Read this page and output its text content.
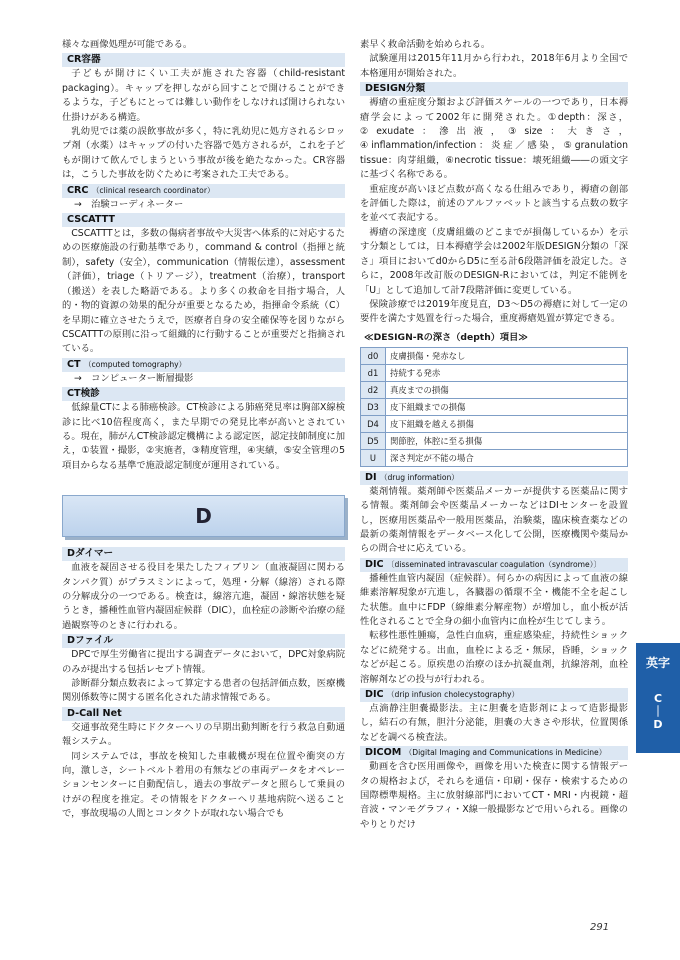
様々な画像処理が可能である。

CR容器

子どもが開けにくい工夫が施された容器（child-resistant packaging）。キャップを押しながら回すことで開けることができるような，子どもにとっては難しい動作をしなければ開けられない仕掛けがある構造。

乳幼児では薬の誤飲事故が多く，特に乳幼児に処方されるシロップ剤（水薬）はキャップの付いた容器で処方されるが，これを子どもが開けて飲んでしまうという事故が後を絶たなかった。CR容器は，こうした事故を防ぐために考案された工夫である。

CRC （clinical research coordinator）
→　治験コーディネーター
CSCATTT

CSCATTTとは，多数の傷病者事故や大災害へ体系的に対応するための医療施設の行動基準であり，command & control（指揮と統制），safety（安全），communication（情報伝達），assessment（評価），triage（トリアージ），treatment（治療），transport（搬送）を表した略語である。より多くの救命を目指す場合，人的・物的資源の効果的配分が重要となるため，指揮命令系統（C）を早期に確立させたうえで，医療者自身の安全確保等を図りながらCSCATTTの原則に沿って組織的に行動することが重要だと指摘されている。

CT （computed tomography）
→　コンピューター断層撮影
CT検診

低線量CTによる肺癌検診。CT検診による肺癌発見率は胸部X線検診に比べ10倍程度高く，また早期での発見比率が高いとされている。現在，肺がんCT検診認定機構による認定医，認定技師制度に加え，①装置・撮影，②実施者，③精度管理，④実績，⑤安全管理の5項目からなる基準で施設認定制度が運用されている。

D
Dダイマー

血液を凝固させる役目を果たしたフィブリン（血液凝固に関わるタンパク質）がプラスミンによって，処理・分解（線溶）される際の分解成分の一つである。検査は，線溶亢進，凝固・線溶状態を疑うとき，播種性血管内凝固症候群（DIC），血栓症の診断や治療の経過観察等のときに行われる。

Dファイル

DPCで厚生労働省に提出する調査データにおいて，DPC対象病院のみが提出する包括レセプト情報。

診断群分類点数表によって算定する患者の包括評価点数，医療機関別係数等に関する匿名化された請求情報である。

D-Call Net

交通事故発生時にドクターヘリの早期出動判断を行う救急自動通報システム。

同システムでは，事故を検知した車載機が現在位置や衝突の方向，激しさ，シートベルト着用の有無などの車両データをオペレーションセンターに自動配信し，過去の事故データと照らして乗員のけがの程度を推定。その情報をドクターヘリ基地病院へ送ることで，事故現場の人間とコンタクトが取れない場合でも

素早く救命活動を始められる。

試験運用は2015年11月から行われ，2018年6月より全国で本格運用が開始された。

DESIGN分類

褥瘡の重症度分類および評価スケールの一つであり，日本褥瘡学会によって2002年に開発された。①depth：深さ，②exudate：滲出液，③size：大きさ，④inflammation/infection：炎症／感染，⑤granulation tissue：肉芽組織，⑥necrotic tissue：壊死組織――の頭文字に基づく名称である。

重症度が高いほど点数が高くなる仕組みであり，褥瘡の創部を評価した際は，前述のアルファベットと該当する点数の数字を並べて表記する。

褥瘡の深達度（皮膚組織のどこまでが損傷しているか）を示す分類としては，日本褥瘡学会は2002年版DESIGN分類の「深さ」項目においてd0からD5に至る計6段階評価を設定した。さらに，2008年改訂版のDESIGN-Rにおいては，判定不能例を「U」として追加して計7段階評価に変更している。

保険診療では2019年度見直，D3〜D5の褥瘡に対して一定の要件を満たす処置を行った場合，重度褥瘡処置が算定できる。

≪DESIGN-Rの深さ（depth）項目≫
d0	皮膚損傷・発赤なし
d1	持続する発赤
d2	真皮までの損傷
D3	皮下組織までの損傷
D4	皮下組織を越える損傷
D5	関節腔，体腔に至る損傷
U	深さ判定が不能の場合
DI （drug information）

薬剤情報。薬剤師や医薬品メーカーが提供する医薬品に関する情報。薬剤師会や医薬品メーカーなどはDIセンターを設置し，医療用医薬品や一般用医薬品，治験薬，臨床検査薬などの最新の薬剤情報をデータベース化して公開，医療機関や薬局からの問合せに応えている。

DIC 〔disseminated intravascular coagulation（syndrome）〕

播種性血管内凝固（症候群）。何らかの病因によって血液の線維素溶解現象が亢進し，各臓器の循環不全・機能不全を起こした状態。血中にFDP（線維素分解産物）が増加し，血小板が活性化されることで全身の細小血管内に血栓が生じてしまう。

転移性悪性腫瘍，急性白血病，重症感染症，持続性ショックなどに続発する。出血，血栓による乏・無尿，昏睡，ショックなどが起こる。原疾患の治療のほか抗凝血剤，抗線溶剤，血栓溶解剤などの投与が行われる。

DIC （drip infusion cholecystography）

点滴静注胆嚢撮影法。主に胆嚢を造影剤によって造影撮影し，結石の有無，胆汁分泌能，胆嚢の大きさや形状，位置関係などを調べる検査法。

DICOM （Digital Imaging and Communications in Medicine）

動画を含む医用画像や，画像を用いた検査に関する情報データの規格および，それらを通信・印刷・保存・検索するための国際標準規格。主に放射線部門においてCT・MRI・内視鏡・超音波・マンモグラフィ・X線一般撮影などで用いられる。画像のやりとりだけ

英字
C
｜
D
291
